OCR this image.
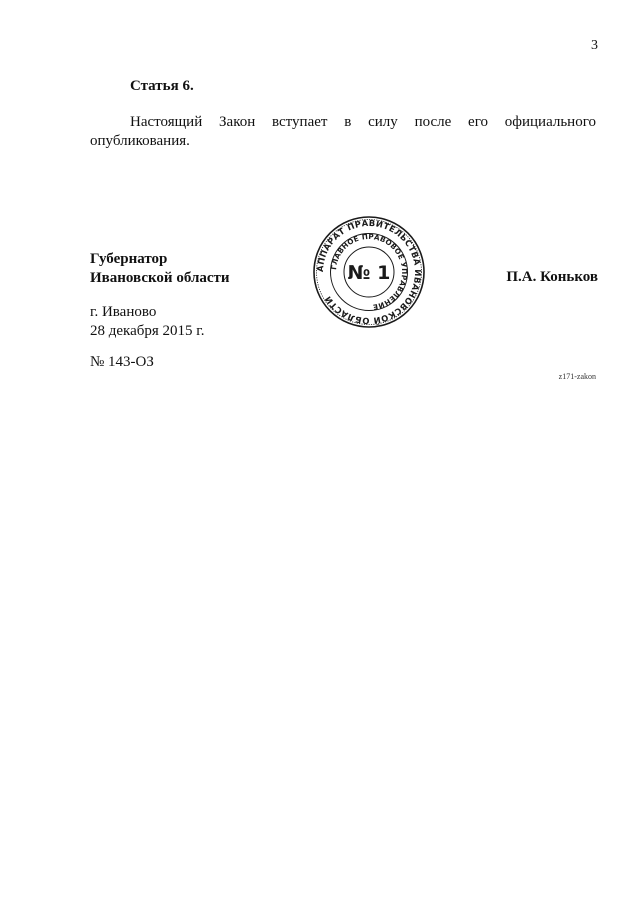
3
Статья 6.
Настоящий Закон вступает в силу после его официального
опубликования.
Губернатор
Ивановской области
АППАРАТ ПРАВИТЕЛЬСТВА ИВАНОВСКОЙ ОБЛАСТИ
ГЛАВНОЕ ПРАВОВОЕ УПРАВЛЕНИЕ
№ 1	П.А. Коньков
г. Иваново
28 декабря 2015 г.
№ 143-ОЗ
z171-zakon
